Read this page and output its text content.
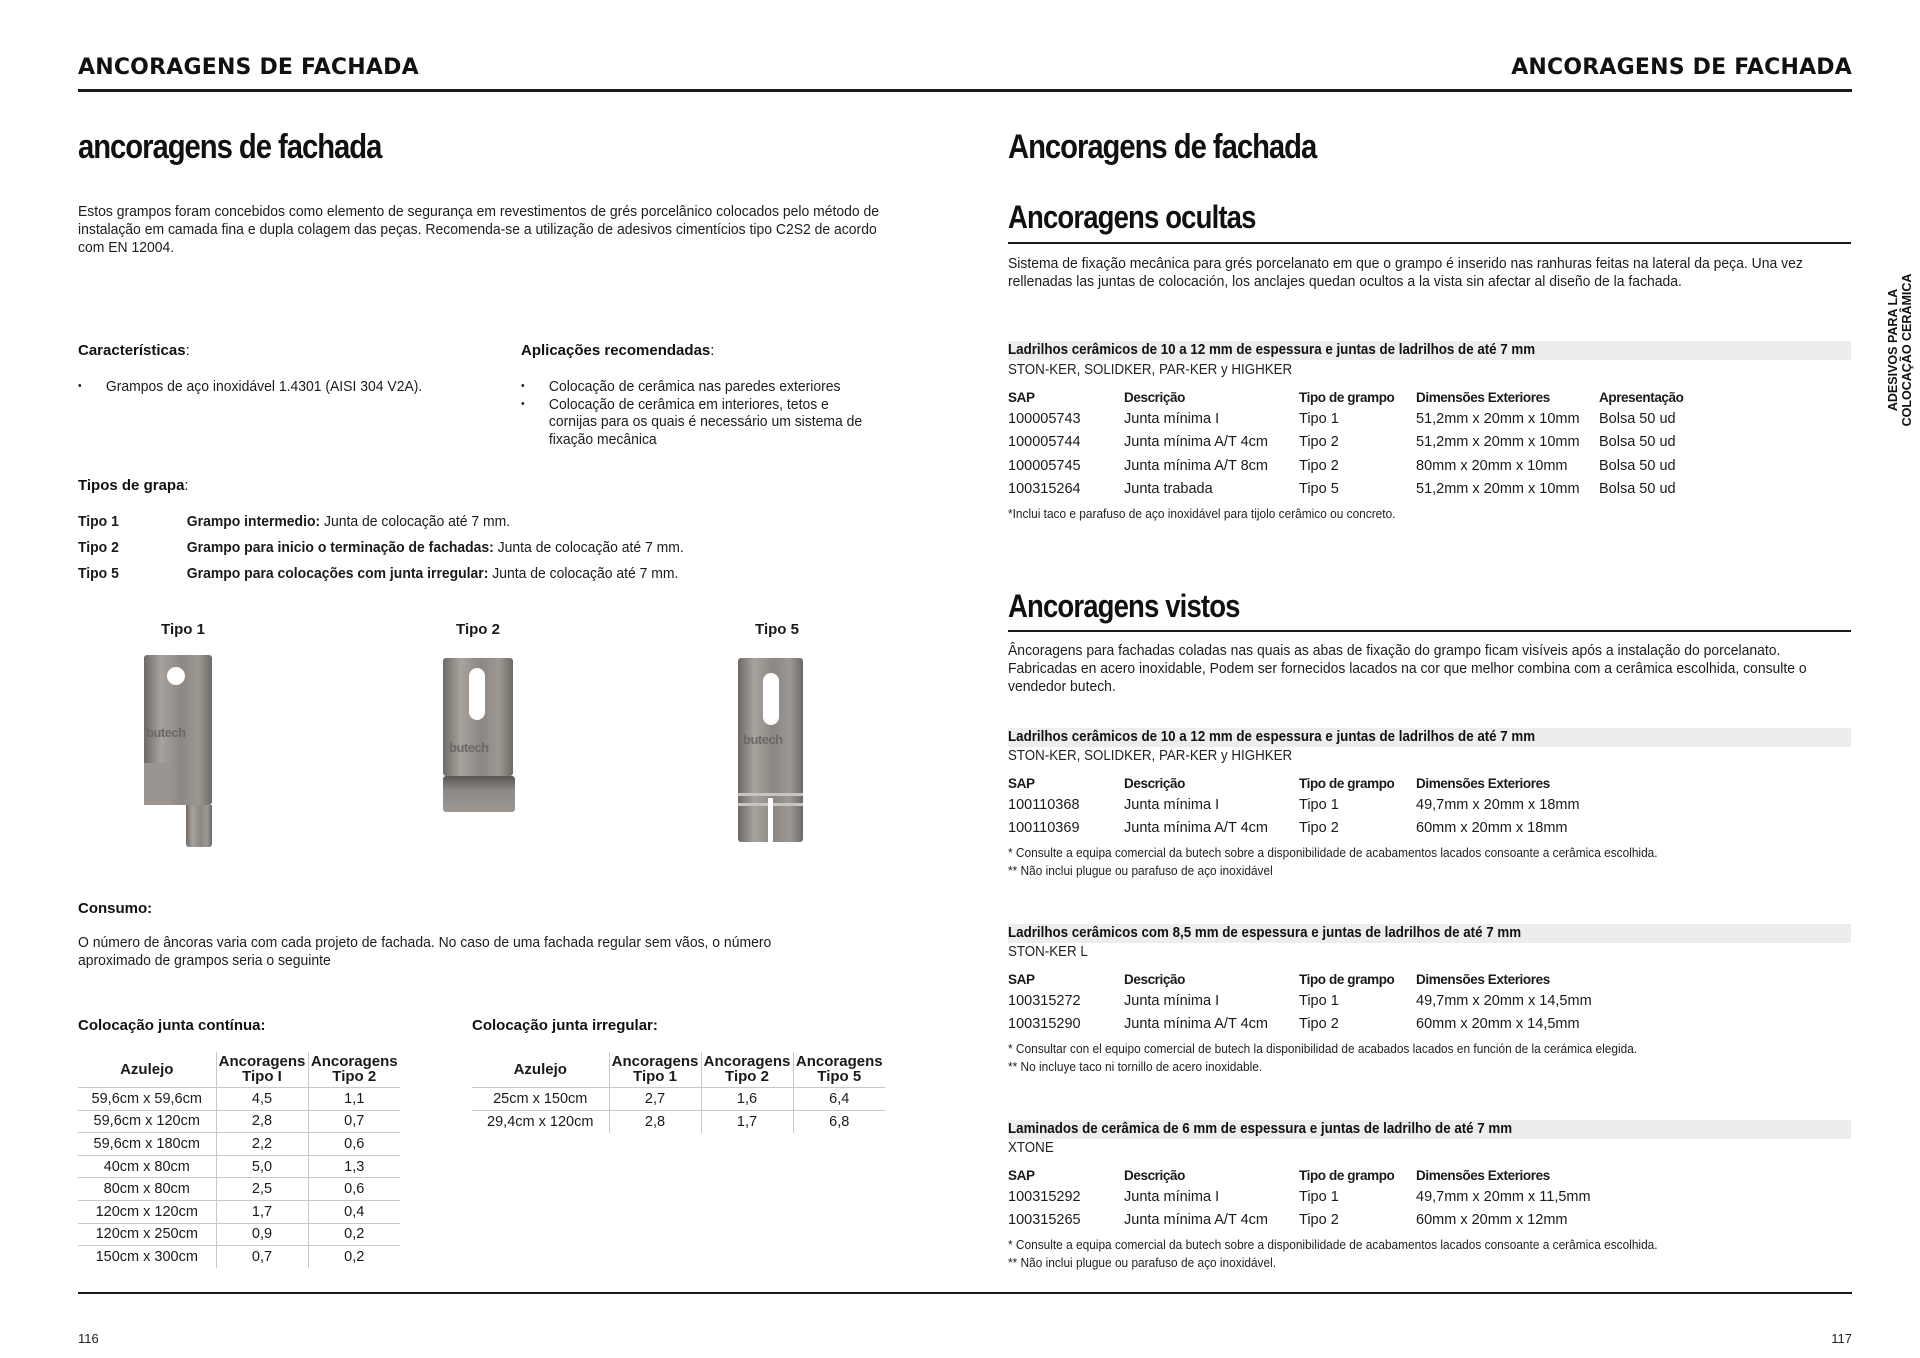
ANCORAGENS DE FACHADA	ANCORAGENS DE FACHADA
ancoragens de fachada
Estos grampos foram concebidos como elemento de segurança em revestimentos de grés porcelânico colocados pelo método de instalação em camada fina e dupla colagem das peças. Recomenda-se a utilização de adesivos cimentícios tipo C2S2 de acordo com EN 12004.
Características:
• Grampos de aço inoxidável 1.4301 (AISI 304 V2A).
Aplicações recomendadas:
• Colocação de cerâmica nas paredes exteriores
• Colocação de cerâmica em interiores, tetos e cornijas para os quais é necessário um sistema de fixação mecânica
Tipos de grapa:
Tipo 1	Grampo intermedio: Junta de colocação até 7 mm.
Tipo 2	Grampo para inicio o terminação de fachadas: Junta de colocação até 7 mm.
Tipo 5	Grampo para colocações com junta irregular: Junta de colocação até 7 mm.
Tipo 1	Tipo 2	Tipo 5
butech
butech
butech
Consumo:
O número de âncoras varia com cada projeto de fachada. No caso de uma fachada regular sem vãos, o número aproximado de grampos seria o seguinte
Colocação junta contínua:
Azulejo	Ancoragens Tipo I	Ancoragens Tipo 2
59,6cm x 59,6cm	4,5	1,1
59,6cm x 120cm	2,8	0,7
59,6cm x 180cm	2,2	0,6
40cm x 80cm	5,0	1,3
80cm x 80cm	2,5	0,6
120cm x 120cm	1,7	0,4
120cm x 250cm	0,9	0,2
150cm x 300cm	0,7	0,2
Colocação junta irregular:
Azulejo	Ancoragens Tipo 1	Ancoragens Tipo 2	Ancoragens Tipo 5
25cm x 150cm	2,7	1,6	6,4
29,4cm x 120cm	2,8	1,7	6,8
Ancoragens de fachada
ADESIVOS PARA LA COLOCAÇÃO CERÂMICA
Ancoragens ocultas
Sistema de fixação mecânica para grés porcelanato em que o grampo é inserido nas ranhuras feitas na lateral da peça. Una vez rellenadas las juntas de colocación, los anclajes quedan ocultos a la vista sin afectar al diseño de la fachada.
Ladrilhos cerâmicos de 10 a 12 mm de espessura e juntas de ladrilhos de até 7 mm
STON-KER, SOLIDKER, PAR-KER y HIGHKER
SAP	Descrição	Tipo de grampo	Dimensões Exteriores	Apresentação
100005743	Junta mínima I	Tipo 1	51,2mm x 20mm x 10mm	Bolsa 50 ud
100005744	Junta mínima A/T 4cm	Tipo 2	51,2mm x 20mm x 10mm	Bolsa 50 ud
100005745	Junta mínima A/T 8cm	Tipo 2	80mm x 20mm x 10mm	Bolsa 50 ud
100315264	Junta trabada	Tipo 5	51,2mm x 20mm x 10mm	Bolsa 50 ud
*Inclui taco e parafuso de aço inoxidável para tijolo cerâmico ou concreto.
Ancoragens vistos
Âncoragens para fachadas coladas nas quais as abas de fixação do grampo ficam visíveis após a instalação do porcelanato. Fabricadas en acero inoxidable, Podem ser fornecidos lacados na cor que melhor combina com a cerâmica escolhida, consulte o vendedor butech.
Ladrilhos cerâmicos de 10 a 12 mm de espessura e juntas de ladrilhos de até 7 mm
STON-KER, SOLIDKER, PAR-KER y HIGHKER
SAP	Descrição	Tipo de grampo	Dimensões Exteriores
100110368	Junta mínima I	Tipo 1	49,7mm x 20mm x 18mm
100110369	Junta mínima A/T 4cm	Tipo 2	60mm x 20mm x 18mm
* Consulte a equipa comercial da butech sobre a disponibilidade de acabamentos lacados consoante a cerâmica escolhida.
** Não inclui plugue ou parafuso de aço inoxidável
Ladrilhos cerâmicos com 8,5 mm de espessura e juntas de ladrilhos de até 7 mm
STON-KER L
SAP	Descrição	Tipo de grampo	Dimensões Exteriores
100315272	Junta mínima I	Tipo 1	49,7mm x 20mm x 14,5mm
100315290	Junta mínima A/T 4cm	Tipo 2	60mm x 20mm x 14,5mm
* Consultar con el equipo comercial de butech la disponibilidad de acabados lacados en función de la cerámica elegida.
** No incluye taco ni tornillo de acero inoxidable.
Laminados de cerâmica de 6 mm de espessura e juntas de ladrilho de até 7 mm
XTONE
SAP	Descrição	Tipo de grampo	Dimensões Exteriores
100315292	Junta mínima I	Tipo 1	49,7mm x 20mm x 11,5mm
100315265	Junta mínima A/T 4cm	Tipo 2	60mm x 20mm x 12mm
* Consulte a equipa comercial da butech sobre a disponibilidade de acabamentos lacados consoante a cerâmica escolhida.
** Não inclui plugue ou parafuso de aço inoxidável.
116	117
